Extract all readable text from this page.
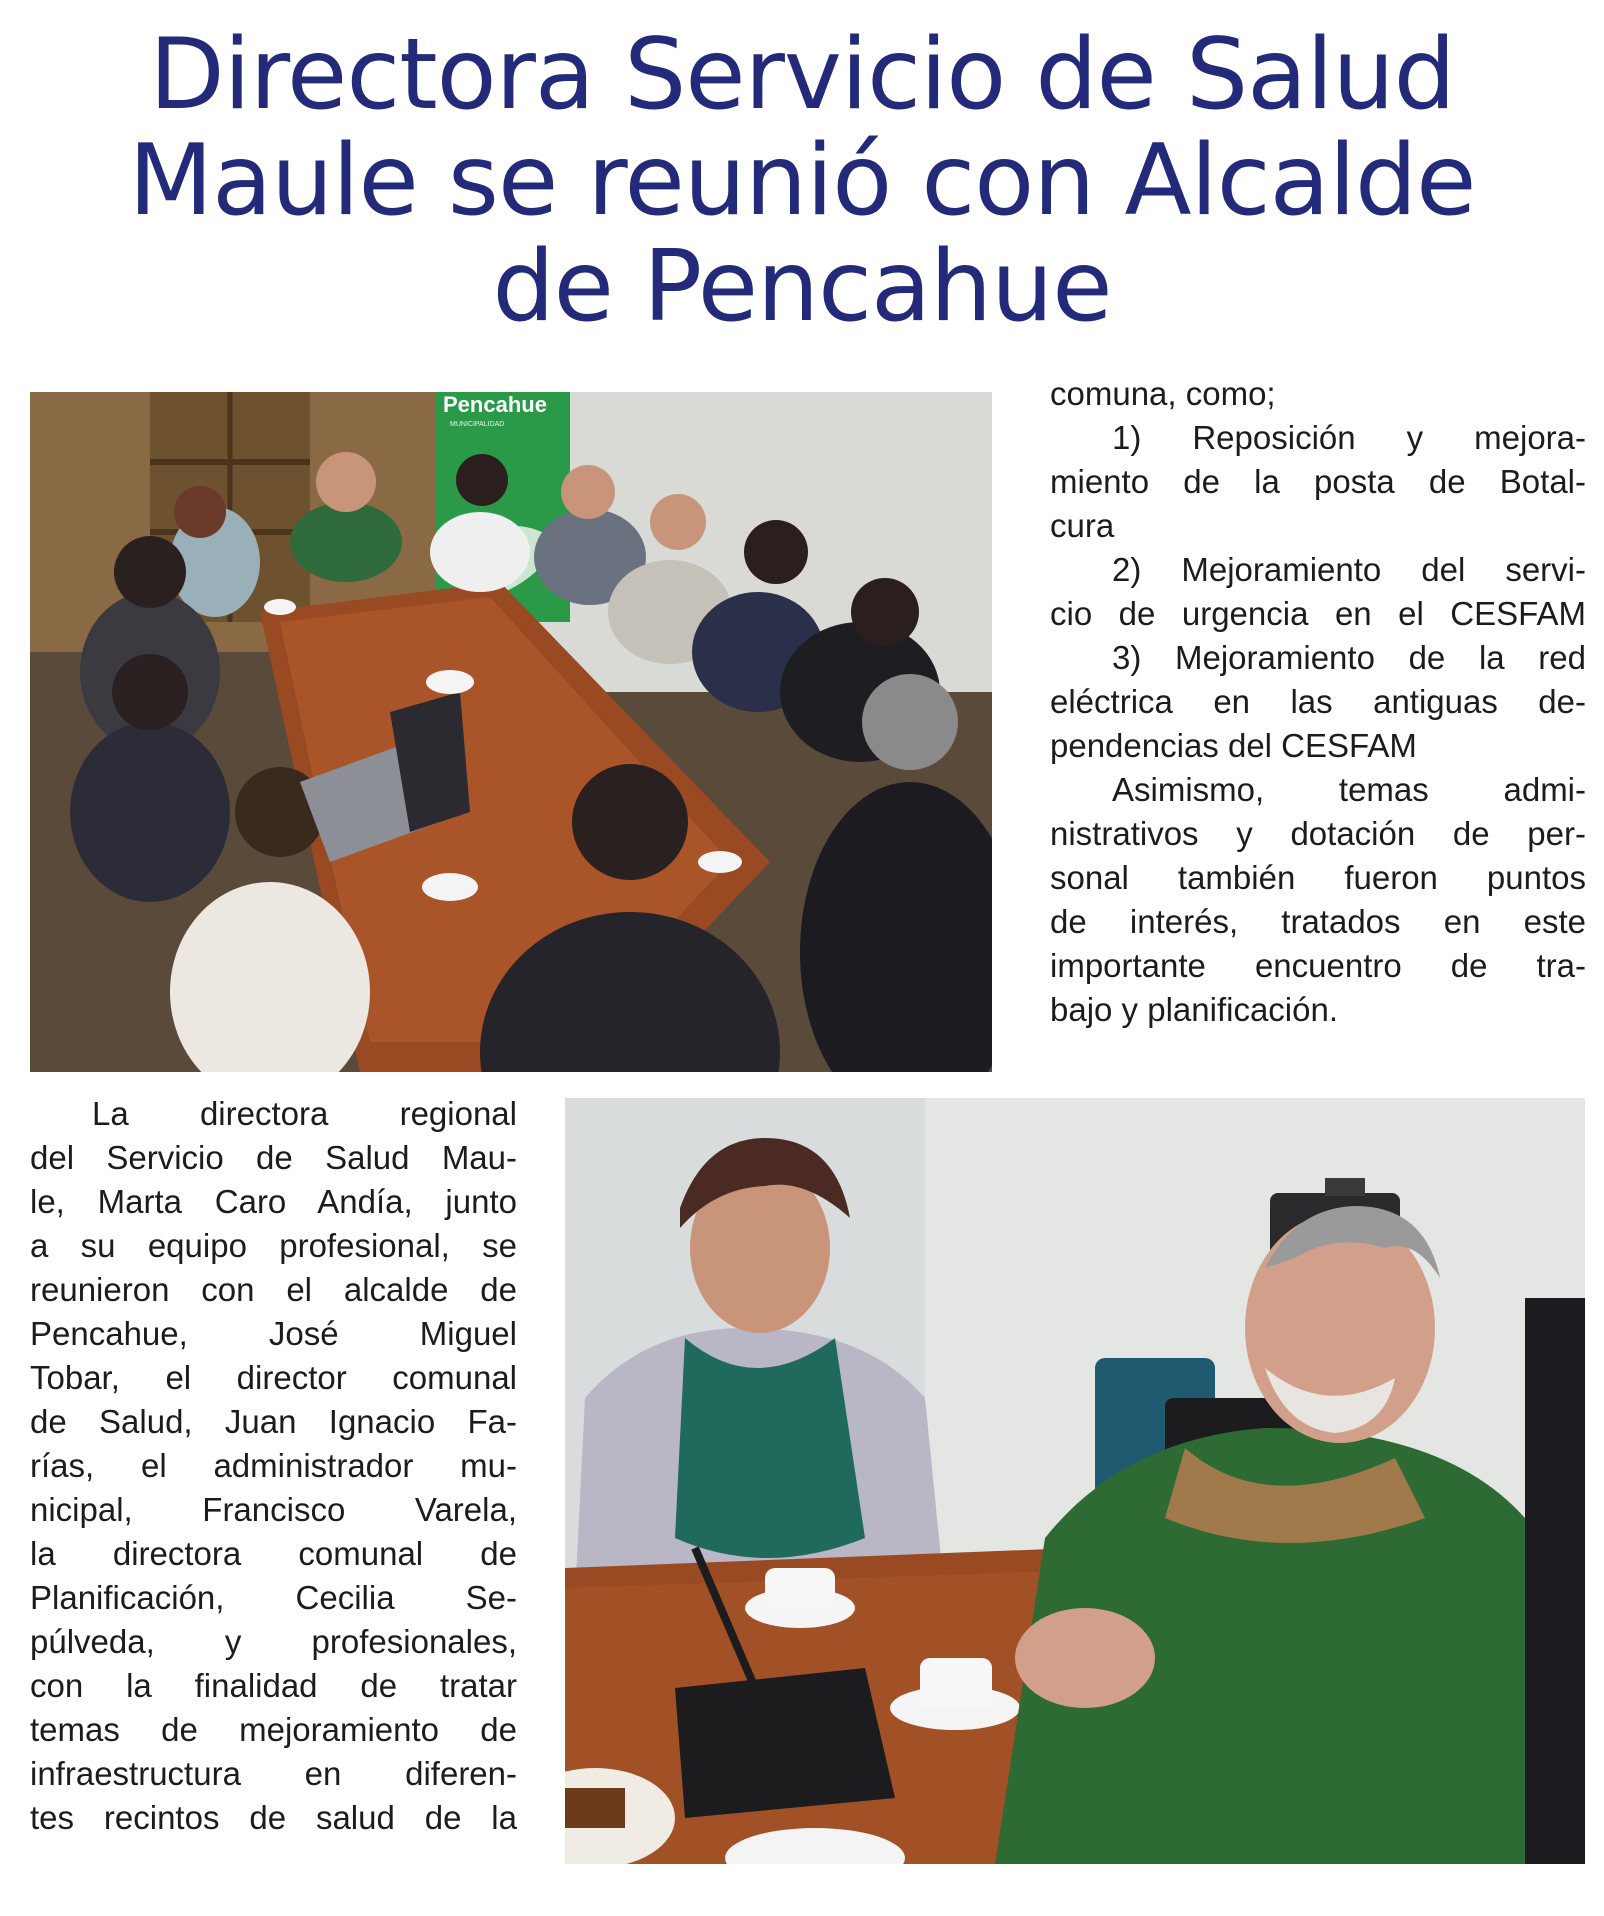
Directora Servicio de Salud
Maule se reunió con Alcalde
de Pencahue
Pencahue
MUNICIPALIDAD
comuna, como;
1) Reposición y mejora-
miento de la posta de Botal-
cura
2) Mejoramiento del servi-
cio de urgencia en el CESFAM
3) Mejoramiento de la red
eléctrica en las antiguas de-
pendencias del CESFAM
Asimismo, temas admi-
nistrativos y dotación de per-
sonal también fueron puntos
de interés, tratados en este
importante encuentro de tra-
bajo y planificación.
La directora regional
del Servicio de Salud Mau-
le, Marta Caro Andía, junto
a su equipo profesional, se
reunieron con el alcalde de
Pencahue, José Miguel
Tobar, el director comunal
de Salud, Juan Ignacio Fa-
rías, el administrador mu-
nicipal, Francisco Varela,
la directora comunal de
Planificación, Cecilia Se-
púlveda, y profesionales,
con la finalidad de tratar
temas de mejoramiento de
infraestructura en diferen-
tes recintos de salud de la
